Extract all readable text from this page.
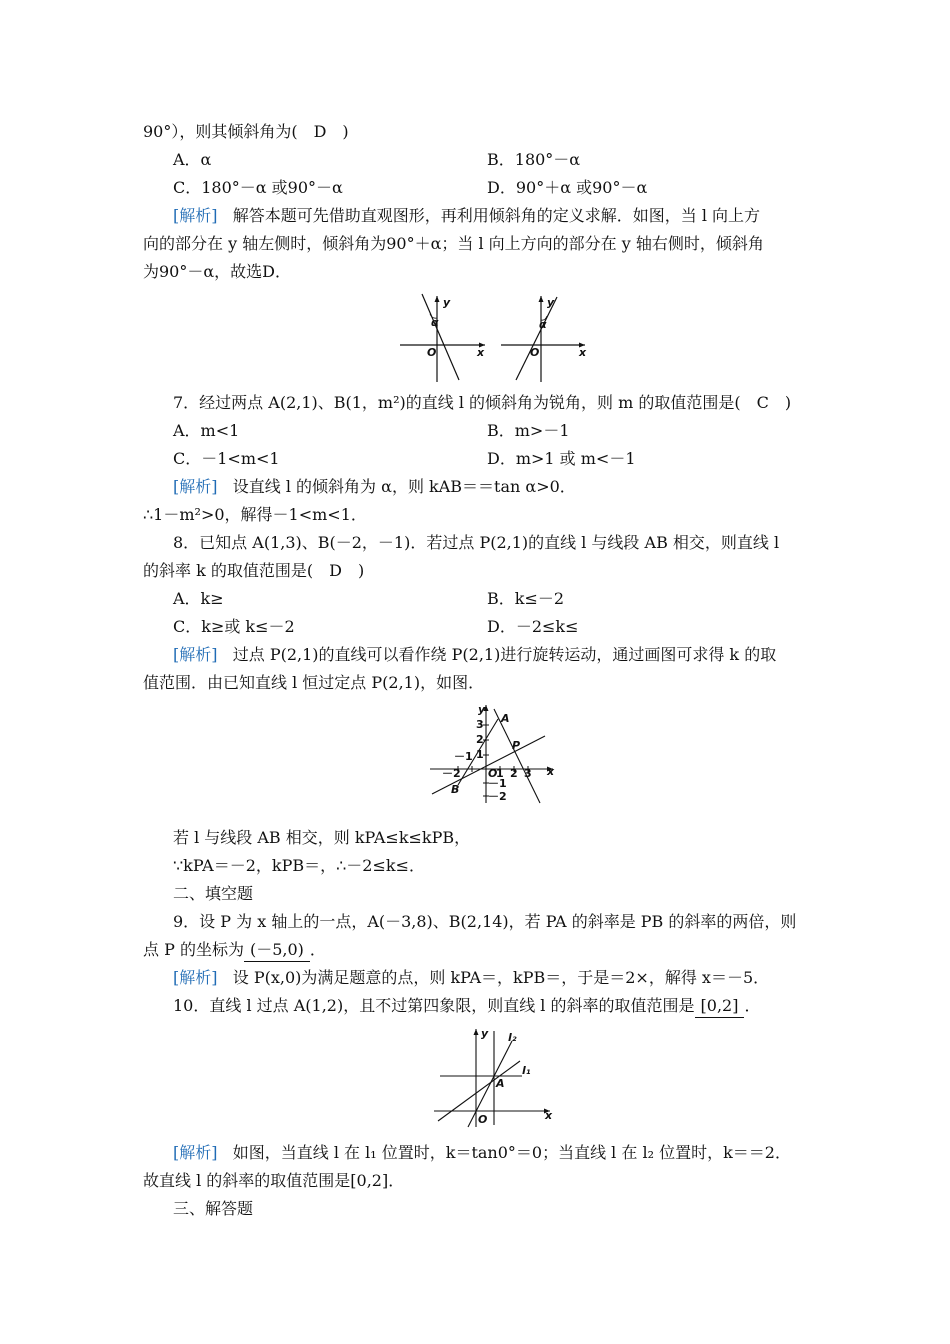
90°），则其倾斜角为(　D　)
A．α	B．180°－α
C．180°－α 或90°－α	D．90°＋α 或90°－α
[解析] 解答本题可先借助直观图形，再利用倾斜角的定义求解．如图，当 l 向上方
向的部分在 y 轴左侧时，倾斜角为90°＋α；当 l 向上方向的部分在 y 轴右侧时，倾斜角
为90°－α，故选D．
y
x
O
α
y
x
O
α
7．经过两点 A(2,1)、B(1，m²)的直线 l 的倾斜角为锐角，则 m 的取值范围是(　C　)
A．m<1	B．m>－1
C．－1<m<1	D．m>1 或 m<－1
[解析] 设直线 l 的倾斜角为 α，则 kAB＝＝tan α>0．
∴1－m²>0，解得－1<m<1．
8．已知点 A(1,3)、B(－2，－1)．若过点 P(2,1)的直线 l 与线段 AB 相交，则直线 l
的斜率 k 的取值范围是(　D　)
A．k≥	B．k≤－2
C．k≥或 k≤－2	D．－2≤k≤
[解析] 过点 P(2,1)的直线可以看作绕 P(2,1)进行旋转运动，通过画图可求得 k 的取
值范围．由已知直线 l 恒过定点 P(2,1)，如图．
y
x
O
A
B
P
3
2
1
－1
－2
－2
－1
1 2 3
若 l 与线段 AB 相交，则 kPA≤k≤kPB，
∵kPA＝－2，kPB＝，∴－2≤k≤．
二、填空题
9．设 P 为 x 轴上的一点，A(－3,8)、B(2,14)，若 PA 的斜率是 PB 的斜率的两倍，则
点 P 的坐标为 (－5,0) ．
[解析] 设 P(x,0)为满足题意的点，则 kPA＝，kPB＝，于是＝2×，解得 x＝－5．
10．直线 l 过点 A(1,2)，且不过第四象限，则直线 l 的斜率的取值范围是 [0,2] ．
y
x
O
A
l₁
l₂
[解析] 如图，当直线 l 在 l₁ 位置时，k＝tan0°＝0；当直线 l 在 l₂ 位置时，k＝＝2．
故直线 l 的斜率的取值范围是[0,2]．
三、解答题
